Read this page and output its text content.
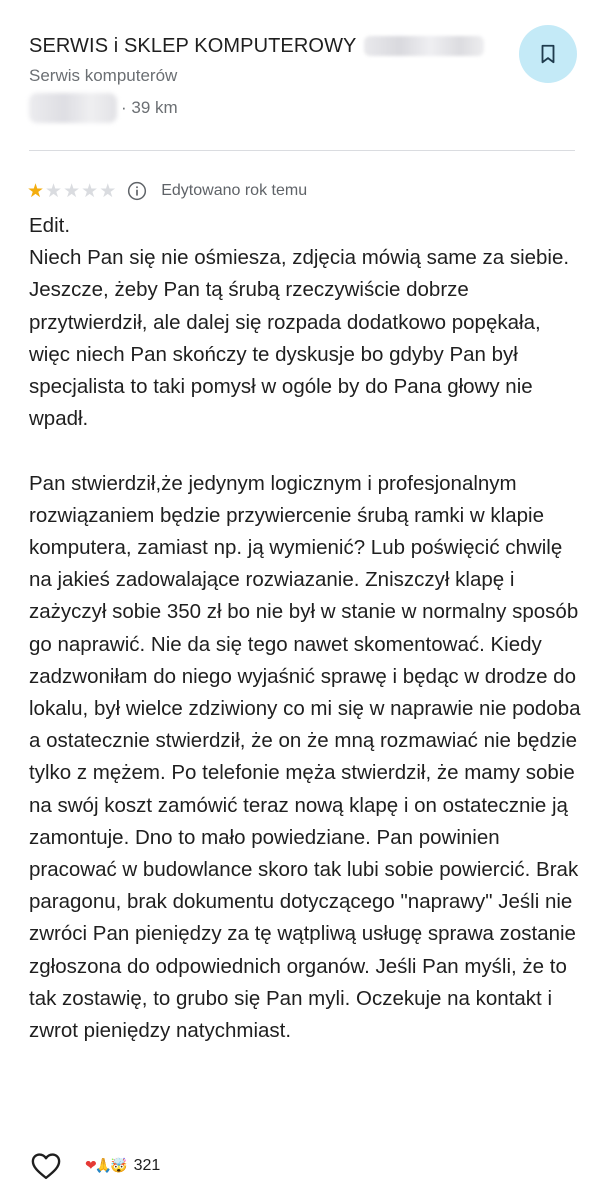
SERWIS i SKLEP KOMPUTEROWY
Serwis komputerów
· 39 km
★ ★ ★ ★ ★	Edytowano rok temu
Edit.
Niech Pan się nie ośmiesza, zdjęcia mówią same za siebie. Jeszcze, żeby Pan tą śrubą rzeczywiście dobrze przytwierdził, ale dalej się rozpada dodatkowo popękała, więc niech Pan skończy te dyskusje bo gdyby Pan był specjalista to taki pomysł w ogóle by do Pana głowy nie wpadł.

Pan stwierdził,że jedynym logicznym i profesjonalnym rozwiązaniem będzie przywiercenie śrubą ramki w klapie komputera, zamiast np. ją wymienić? Lub poświęcić chwilę na jakieś zadowalające rozwiazanie. Zniszczył klapę i zażyczył sobie 350 zł bo nie był w stanie w normalny sposób go naprawić. Nie da się tego nawet skomentować. Kiedy zadzwoniłam do niego wyjaśnić sprawę i będąc w drodze do lokalu, był wielce zdziwiony co mi się w naprawie nie podoba a ostatecznie stwierdził, że on że mną rozmawiać nie będzie tylko z mężem. Po telefonie męża stwierdził, że mamy sobie na swój koszt zamówić teraz nową klapę i on ostatecznie ją zamontuje. Dno to mało powiedziane. Pan powinien pracować w budowlance skoro tak lubi sobie powiercić. Brak paragonu, brak dokumentu dotyczącego "naprawy" Jeśli nie zwróci Pan pieniędzy za tę wątpliwą usługę sprawa zostanie zgłoszona do odpowiednich organów. Jeśli Pan myśli, że to tak zostawię, to grubo się Pan myli. Oczekuje na kontakt i zwrot pieniędzy natychmiast.
❤
🙏
🤯 321
